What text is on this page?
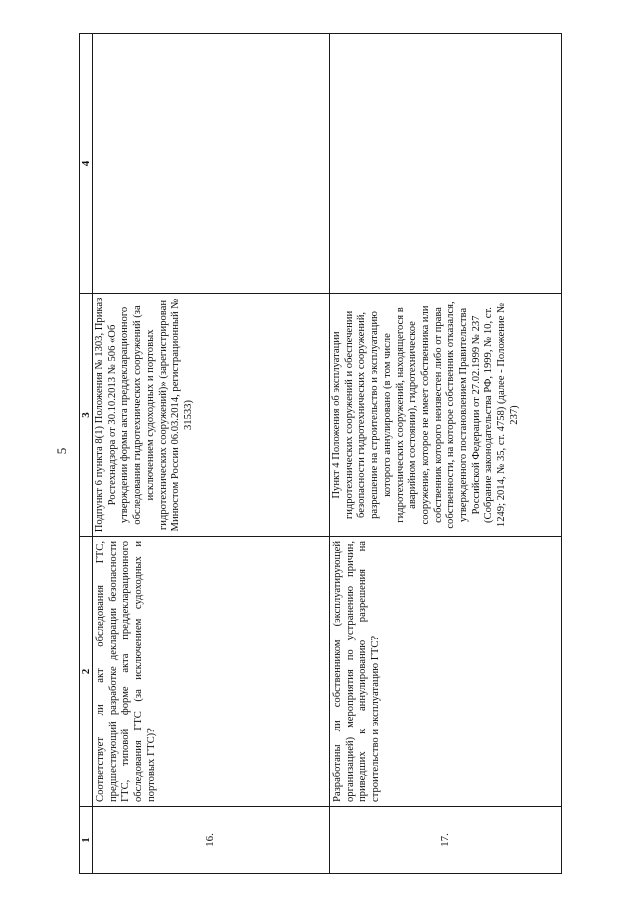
5
1	2	3	4
16.	Соответствует ли акт обследования ГТС, предшествующий разработке декларации безопасности ГТС, типовой форме акта преддекларационного обследования ГТС (за исключением судоходных и портовых ГТС)?	Подпункт 6 пункта 8(1) Положения № 1303, Приказ Ростехнадзора от 30.10.2013 № 506 «Об утверждении формы акта преддекларационного обследования гидротехнических сооружений (за исключением судоходных и портовых гидротехнических сооружений)» (зарегистрирован Минюстом России 06.03.2014, регистрационный № 31533)	
17.	Разработаны ли собственником (эксплуатирующей организацией) мероприятия по устранению причин, приведших к аннулированию разрешения на строительство и эксплуатацию ГТС?	Пункт 4 Положения об эксплуатации гидротехнических сооружений и обеспечении безопасности гидротехнических сооружений, разрешение на строительство и эксплуатацию которого аннулировано (в том числе гидротехнических сооружений, находящегося в аварийном состоянии), гидротехническое сооружение, которое не имеет собственника или собственник которого неизвестен либо от права собственности, на которое собственник отказался, утвержденного постановлением Правительства Российской Федерации от 27.02.1999 № 237 (Собрание законодательства РФ, 1999, № 10, ст. 1249; 2014, № 35, ст. 4758) (далее - Положение № 237)	
